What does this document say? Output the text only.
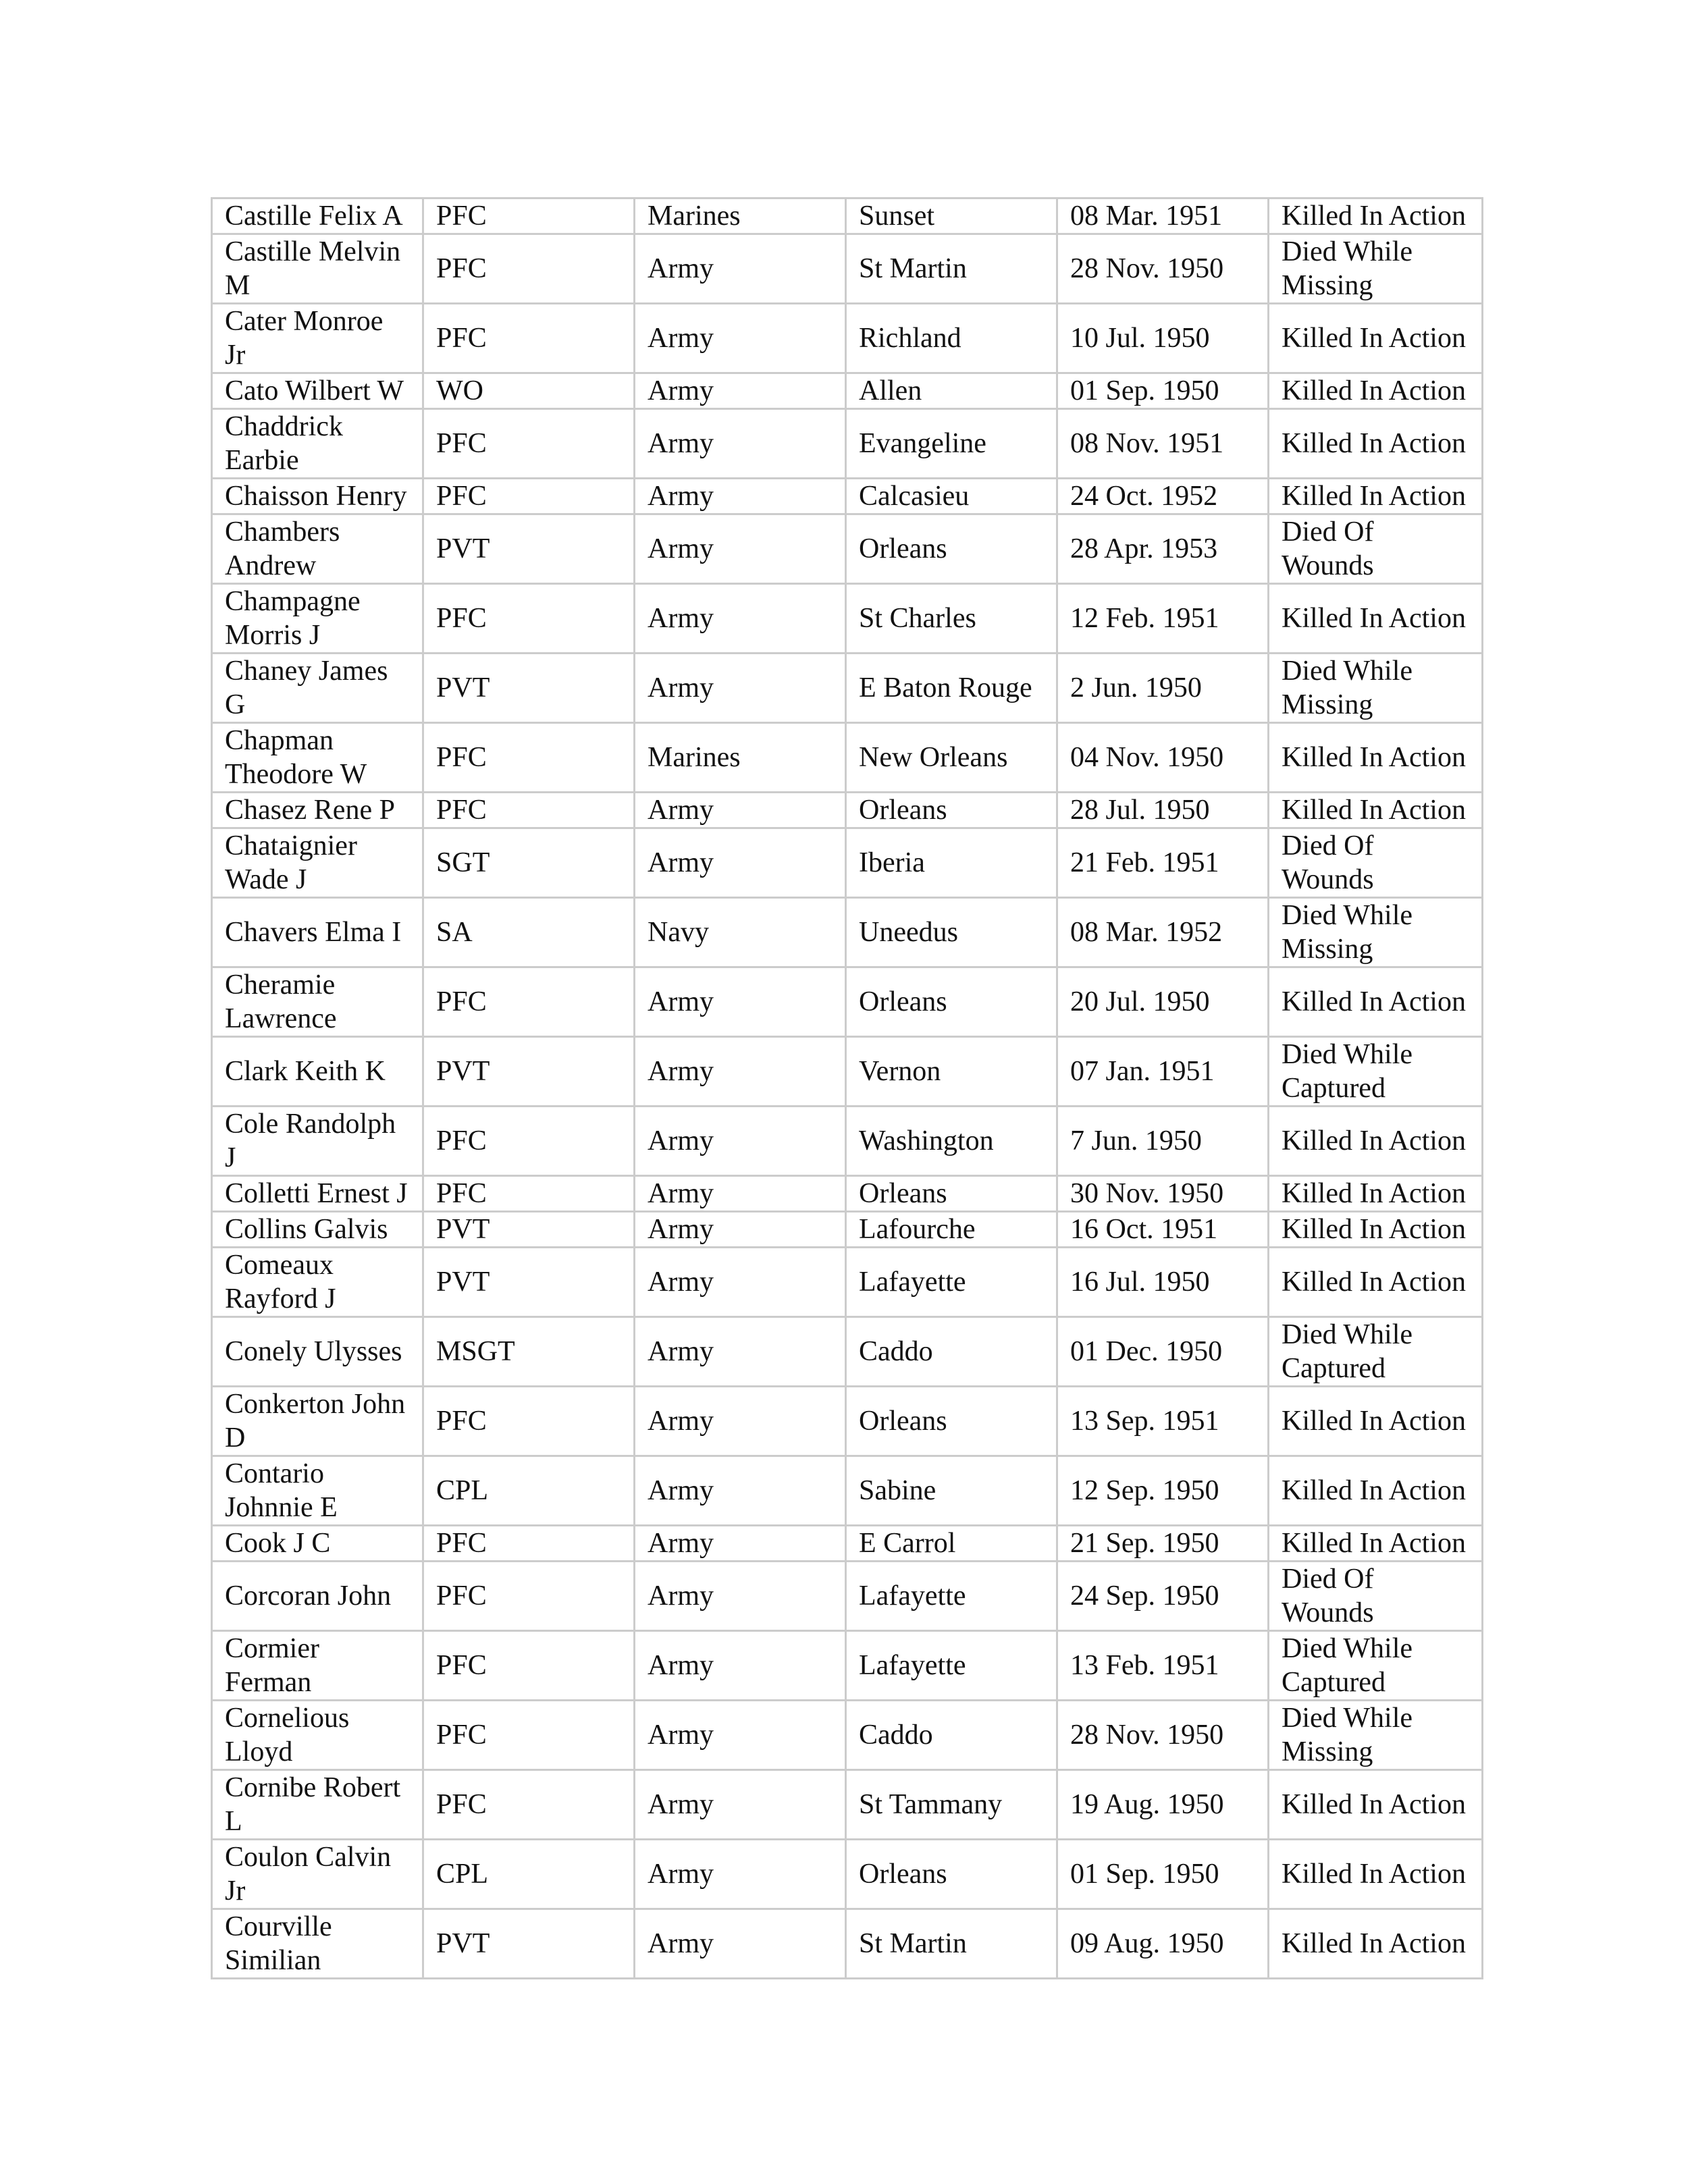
Castille Felix A	PFC	Marines	Sunset	08 Mar. 1951	Killed In Action
Castille Melvin M	PFC	Army	St Martin	28 Nov. 1950	Died While Missing
Cater Monroe Jr	PFC	Army	Richland	10 Jul. 1950	Killed In Action
Cato Wilbert W	WO	Army	Allen	01 Sep. 1950	Killed In Action
Chaddrick Earbie	PFC	Army	Evangeline	08 Nov. 1951	Killed In Action
Chaisson Henry	PFC	Army	Calcasieu	24 Oct. 1952	Killed In Action
Chambers Andrew	PVT	Army	Orleans	28 Apr. 1953	Died Of Wounds
Champagne Morris J	PFC	Army	St Charles	12 Feb. 1951	Killed In Action
Chaney James G	PVT	Army	E Baton Rouge	2 Jun. 1950	Died While Missing
Chapman Theodore W	PFC	Marines	New Orleans	04 Nov. 1950	Killed In Action
Chasez Rene P	PFC	Army	Orleans	28 Jul. 1950	Killed In Action
Chataignier Wade J	SGT	Army	Iberia	21 Feb. 1951	Died Of Wounds
Chavers Elma I	SA	Navy	Uneedus	08 Mar. 1952	Died While Missing
Cheramie Lawrence	PFC	Army	Orleans	20 Jul. 1950	Killed In Action
Clark Keith K	PVT	Army	Vernon	07 Jan. 1951	Died While Captured
Cole Randolph J	PFC	Army	Washington	7 Jun. 1950	Killed In Action
Colletti Ernest J	PFC	Army	Orleans	30 Nov. 1950	Killed In Action
Collins Galvis	PVT	Army	Lafourche	16 Oct. 1951	Killed In Action
Comeaux Rayford J	PVT	Army	Lafayette	16 Jul. 1950	Killed In Action
Conely Ulysses	MSGT	Army	Caddo	01 Dec. 1950	Died While Captured
Conkerton John D	PFC	Army	Orleans	13 Sep. 1951	Killed In Action
Contario Johnnie E	CPL	Army	Sabine	12 Sep. 1950	Killed In Action
Cook J C	PFC	Army	E Carrol	21 Sep. 1950	Killed In Action
Corcoran John	PFC	Army	Lafayette	24 Sep. 1950	Died Of Wounds
Cormier Ferman	PFC	Army	Lafayette	13 Feb. 1951	Died While Captured
Cornelious Lloyd	PFC	Army	Caddo	28 Nov. 1950	Died While Missing
Cornibe Robert L	PFC	Army	St Tammany	19 Aug. 1950	Killed In Action
Coulon Calvin Jr	CPL	Army	Orleans	01 Sep. 1950	Killed In Action
Courville Similian	PVT	Army	St Martin	09 Aug. 1950	Killed In Action
